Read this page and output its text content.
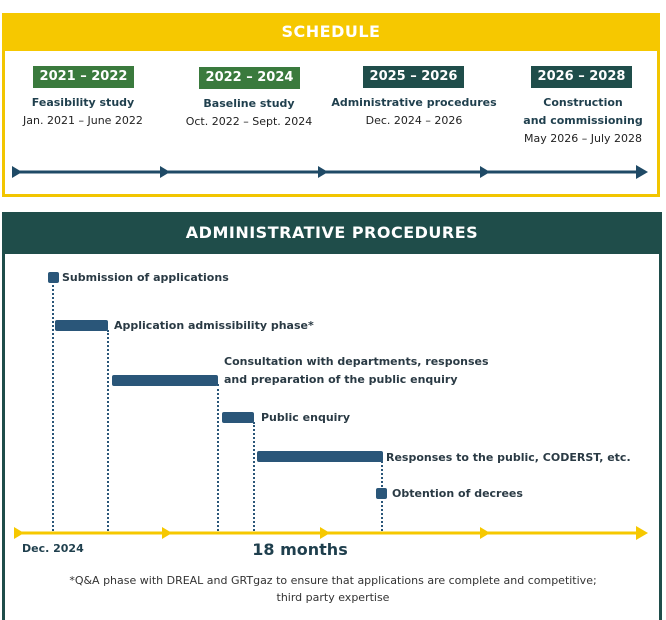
SCHEDULE
2021 – 2022
Feasibility study
Jan. 2021 – June 2022
2022 – 2024
Baseline study
Oct. 2022 – Sept. 2024
2025 – 2026
Administrative procedures
Dec. 2024 – 2026
2026 – 2028
Construction
and commissioning
May 2026 – July 2028
ADMINISTRATIVE PROCEDURES
Submission of applications
Application admissibility phase*
Consultation with departments, responses
and preparation of the public enquiry
Public enquiry
Responses to the public, CODERST, etc.
Obtention of decrees
Dec. 2024	18 months
*Q&A phase with DREAL and GRTgaz to ensure that applications are complete and competitive;
third party expertise
